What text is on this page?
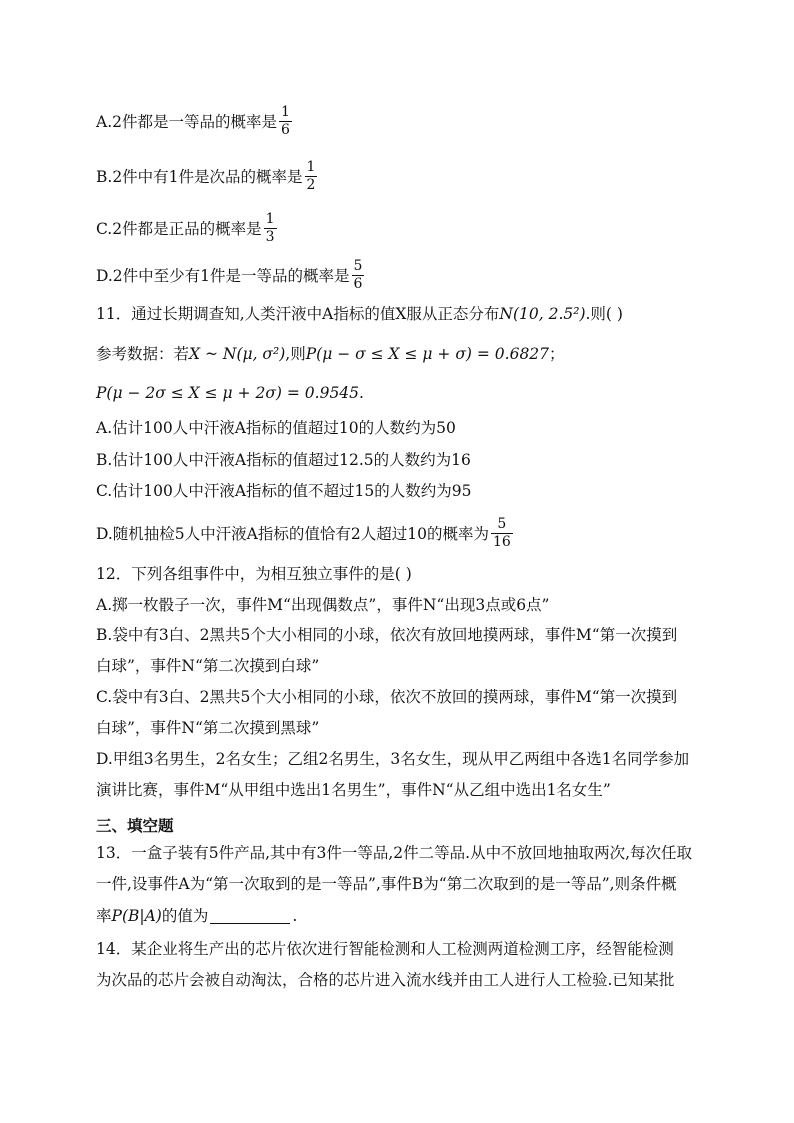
A.2件都是一等品的概率是 $\frac{1}{6}$
B.2件中有1件是次品的概率是 $\frac{1}{2}$
C.2件都是正品的概率是 $\frac{1}{3}$
D.2件中至少有1件是一等品的概率是 $\frac{5}{6}$
11．通过长期调查知,人类汗液中A指标的值X服从正态分布 N(10, 2.5²) .则( )
参考数据：若 X ~ N(μ, σ²) ,则 P(μ − σ ≤ X ≤ μ + σ) = 0.6827 ；
P(μ − 2σ ≤ X ≤ μ + 2σ) = 0.9545 .
A.估计100人中汗液A指标的值超过10的人数约为50
B.估计100人中汗液A指标的值超过12.5的人数约为16
C.估计100人中汗液A指标的值不超过15的人数约为95
D.随机抽检5人中汗液A指标的值恰有2人超过10的概率为 $\frac{5}{16}$
12．下列各组事件中，为相互独立事件的是( )
A.掷一枚骰子一次，事件M“出现偶数点”，事件N“出现3点或6点”
B.袋中有3白、2黑共5个大小相同的小球，依次有放回地摸两球，事件M“第一次摸到
白球”，事件N“第二次摸到白球”
C.袋中有3白、2黑共5个大小相同的小球，依次不放回的摸两球，事件M“第一次摸到
白球”，事件N“第二次摸到黑球”
D.甲组3名男生，2名女生；乙组2名男生，3名女生，现从甲乙两组中各选1名同学参加
演讲比赛，事件M“从甲组中选出1名男生”，事件N“从乙组中选出1名女生”
三、填空题
13．一盒子装有5件产品,其中有3件一等品,2件二等品.从中不放回地抽取两次,每次任取
一件,设事件A为“第一次取到的是一等品”,事件B为“第二次取到的是一等品”,则条件概
率 P(B|A) 的值为	.
14．某企业将生产出的芯片依次进行智能检测和人工检测两道检测工序，经智能检测
为次品的芯片会被自动淘汰，合格的芯片进入流水线并由工人进行人工检验.已知某批
